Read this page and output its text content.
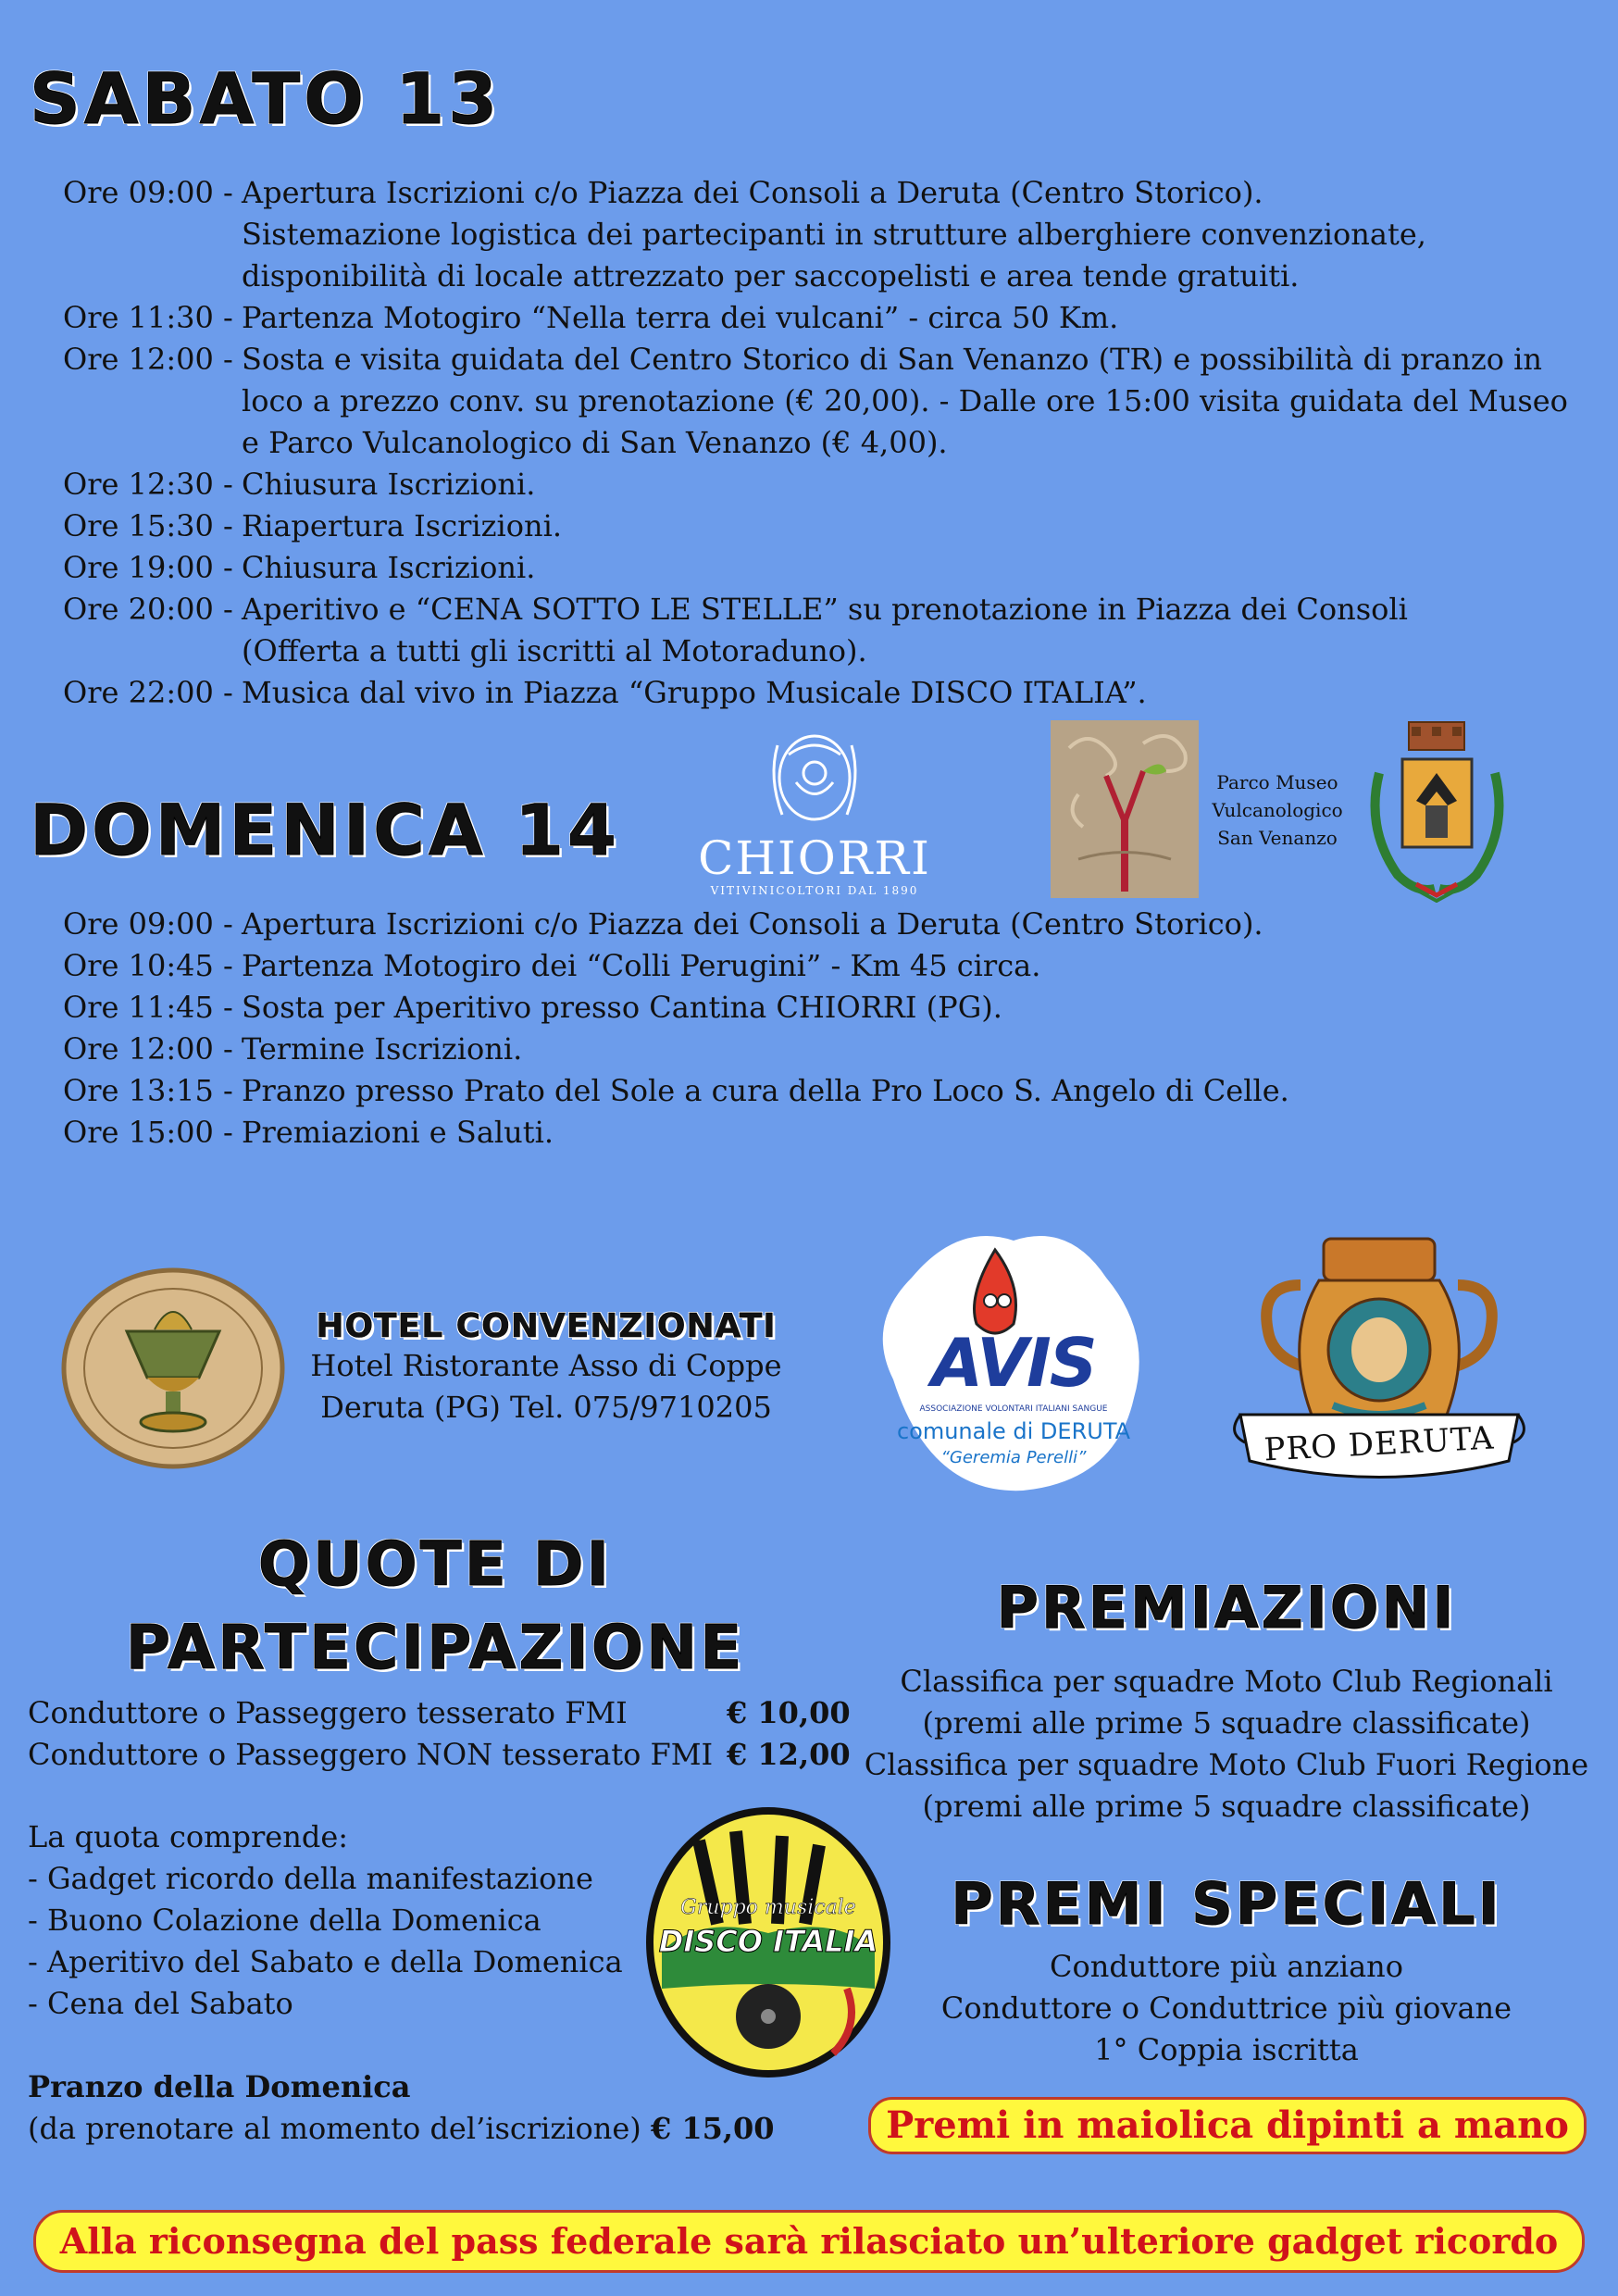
SABATO 13
Ore 09:00 - Apertura Iscrizioni c/o Piazza dei Consoli a Deruta (Centro Storico).
Sistemazione logistica dei partecipanti in strutture alberghiere convenzionate,
disponibilità di locale attrezzato per saccopelisti e area tende gratuiti.
Ore 11:30 - Partenza Motogiro “Nella terra dei vulcani” - circa 50 Km.
Ore 12:00 - Sosta e visita guidata del Centro Storico di San Venanzo (TR) e possibilità di pranzo in
loco a prezzo conv. su prenotazione (€ 20,00). - Dalle ore 15:00 visita guidata del Museo
e Parco Vulcanologico di San Venanzo (€ 4,00).
Ore 12:30 - Chiusura Iscrizioni.
Ore 15:30 - Riapertura Iscrizioni.
Ore 19:00 - Chiusura Iscrizioni.
Ore 20:00 - Aperitivo e “CENA SOTTO LE STELLE” su prenotazione in Piazza dei Consoli
(Offerta a tutti gli iscritti al Motoraduno).
Ore 22:00 - Musica dal vivo in Piazza “Gruppo Musicale DISCO ITALIA”.
DOMENICA 14
Ore 09:00 - Apertura Iscrizioni c/o Piazza dei Consoli a Deruta (Centro Storico).
Ore 10:45 - Partenza Motogiro dei “Colli Perugini” - Km 45 circa.
Ore 11:45 - Sosta per Aperitivo presso Cantina CHIORRI (PG).
Ore 12:00 - Termine Iscrizioni.
Ore 13:15 - Pranzo presso Prato del Sole a cura della Pro Loco S. Angelo di Celle.
Ore 15:00 - Premiazioni e Saluti.
CHIORRI
VITIVINICOLTORI DAL 1890
Parco Museo
Vulcanologico
San Venanzo
HOTEL CONVENZIONATI
Hotel Ristorante Asso di Coppe
Deruta (PG) Tel. 075/9710205
AVIS
ASSOCIAZIONE VOLONTARI ITALIANI SANGUE
comunale di DERUTA
“Geremia Perelli”	PRO DERUTA
QUOTE DI
PARTECIPAZIONE
Conduttore o Passeggero tesserato FMI	€ 10,00
Conduttore o Passeggero NON tesserato FMI € 12,00
La quota comprende:
- Gadget ricordo della manifestazione
- Buono Colazione della Domenica
- Aperitivo del Sabato e della Domenica
- Cena del Sabato
Pranzo della Domenica
(da prenotare al momento del’iscrizione) € 15,00
Gruppo musicale
DISCO ITALIA
PREMIAZIONI
Classifica per squadre Moto Club Regionali
(premi alle prime 5 squadre classificate)
Classifica per squadre Moto Club Fuori Regione
(premi alle prime 5 squadre classificate)
PREMI SPECIALI
Conduttore più anziano
Conduttore o Conduttrice più giovane
1° Coppia iscritta
Premi in maiolica dipinti a mano
Alla riconsegna del pass federale sarà rilasciato un’ulteriore gadget ricordo
